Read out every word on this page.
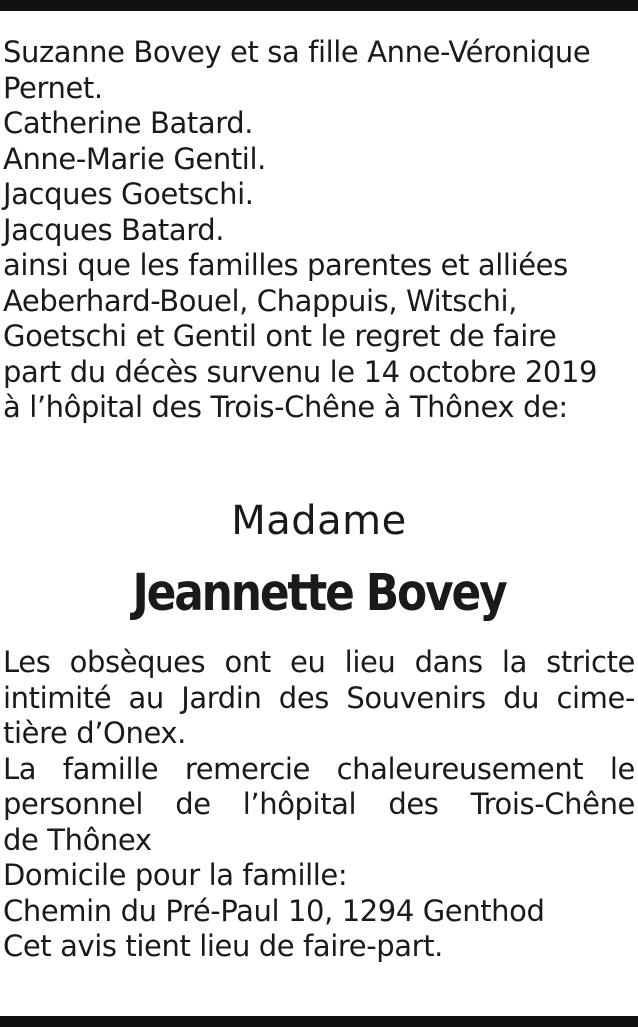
Suzanne Bovey et sa fille Anne-Véronique
Pernet.
Catherine Batard.
Anne-Marie Gentil.
Jacques Goetschi.
Jacques Batard.
ainsi que les familles parentes et alliées
Aeberhard-Bouel, Chappuis, Witschi,
Goetschi et Gentil ont le regret de faire
part du décès survenu le 14 octobre 2019
à l’hôpital des Trois-Chêne à Thônex de:
Madame
Jeannette Bovey
Les obsèques ont eu lieu dans la stricte
intimité au Jardin des Souvenirs du cime-
tière d’Onex.
La famille remercie chaleureusement le
personnel de l’hôpital des Trois-Chêne
de Thônex
Domicile pour la famille:
Chemin du Pré-Paul 10, 1294 Genthod
Cet avis tient lieu de faire-part.
